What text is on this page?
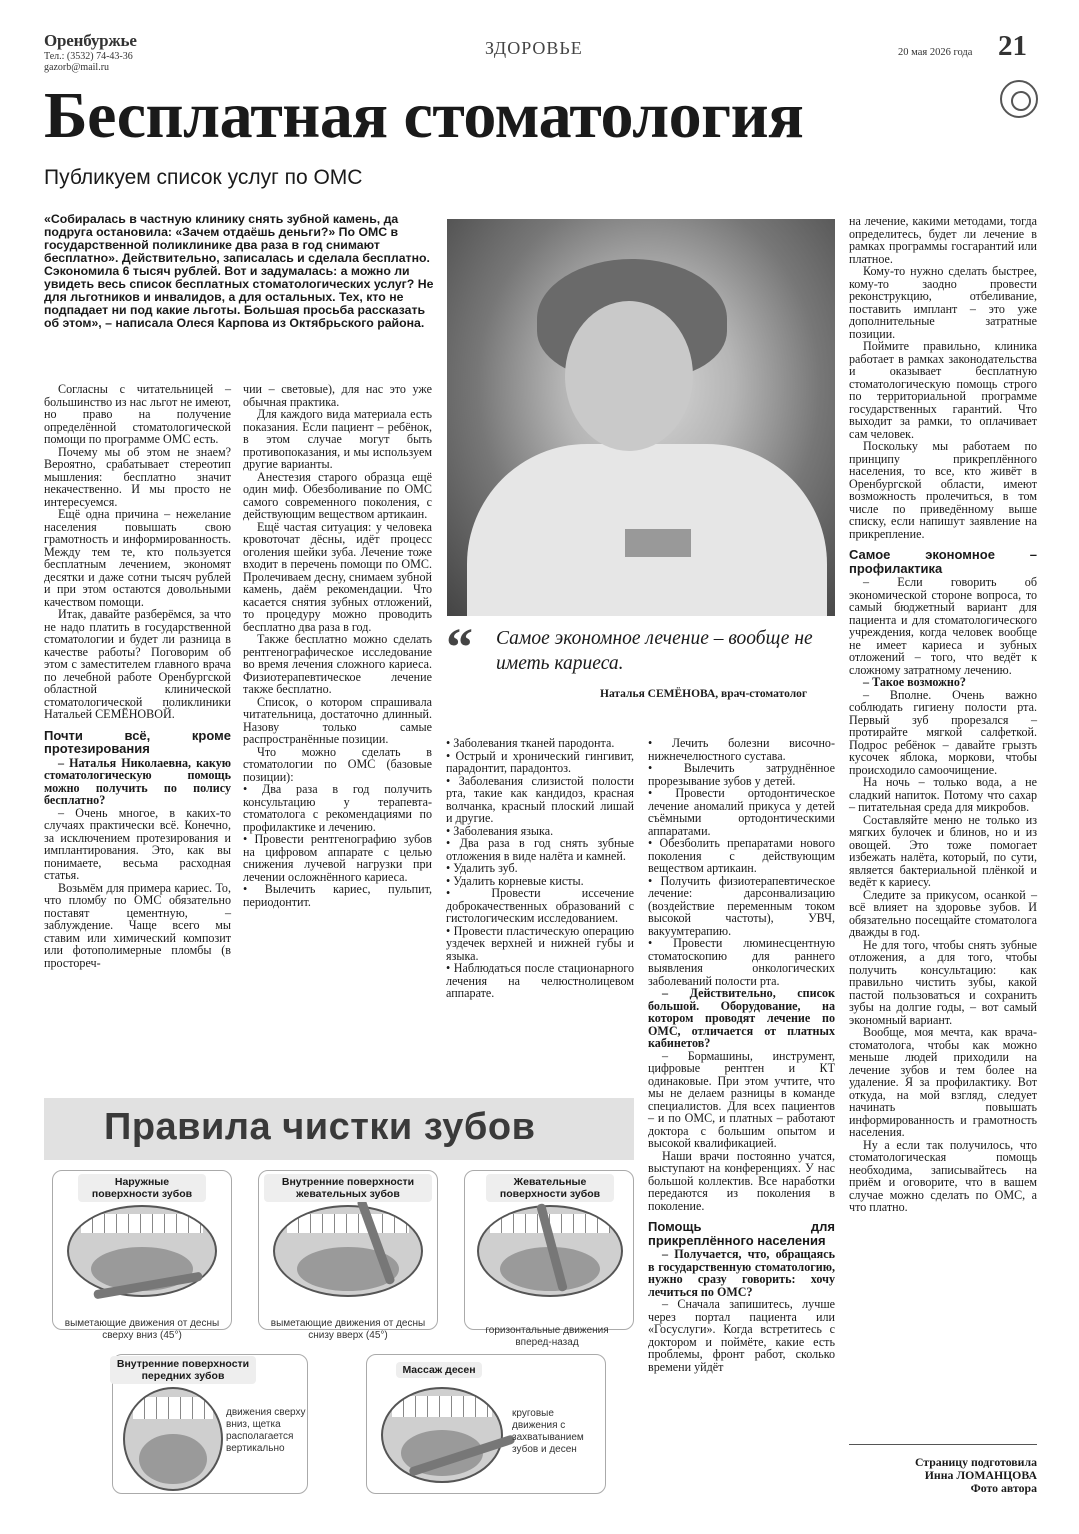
Оренбуржье
Тел.: (3532) 74-43-36
gazorb@mail.ru
ЗДОРОВЬЕ	20 мая 2026 года 21
Бесплатная стоматология
Публикуем список услуг по ОМС
«Собиралась в частную клинику снять зубной камень, да подруга остановила: «Зачем отдаёшь деньги?» По ОМС в государственной поликлинике два раза в год снимают бесплатно». Действительно, записалась и сделала бесплатно. Сэкономила 6 тысяч рублей. Вот и задумалась: а можно ли увидеть весь список бесплатных стоматологических услуг? Не для льготников и инвалидов, а для остальных. Тех, кто не подпадает ни под какие льготы. Большая просьба рассказать об этом», – написала Олеся Карпова из Октябрьского района.
“ Самое экономное лечение – вообще не иметь кариеса.
Наталья СЕМЁНОВА, врач-стоматолог

Согласны с читательницей – большинство из нас льгот не имеют, но право на получение определённой стоматологической помощи по программе ОМС есть.

Почему мы об этом не знаем? Вероятно, срабатывает стереотип мышления: бесплатно значит некачественно. И мы просто не интересуемся.

Ещё одна причина – нежелание населения повышать свою грамотность и информированность. Между тем те, кто пользуется бесплатным лечением, экономят десятки и даже сотни тысяч рублей и при этом остаются довольными качеством помощи.

Итак, давайте разберёмся, за что не надо платить в государственной стоматологии и будет ли разница в качестве работы? Поговорим об этом с заместителем главного врача по лечебной работе Оренбургской областной клинической стоматологической поликлиники Натальей СЕМЁНОВОЙ.

Почти всё, кроме протезирования

– Наталья Николаевна, какую стоматологическую помощь можно получить по полису бесплатно?

– Очень многое, в каких-то случаях практически всё. Конечно, за исключением протезирования и имплантирования. Это, как вы понимаете, весьма расходная статья.

Возьмём для примера кариес. То, что пломбу по ОМС обязательно поставят цементную, – заблуждение. Чаще всего мы ставим или химический композит или фотополимерные пломбы (в простореч-

чии – световые), для нас это уже обычная практика.

Для каждого вида материала есть показания. Если пациент – ребёнок, в этом случае могут быть противопоказания, и мы используем другие варианты.

Анестезия старого образца ещё один миф. Обезболивание по ОМС самого современного поколения, с действующим веществом артикаин.

Ещё частая ситуация: у человека кровоточат дёсны, идёт процесс оголения шейки зуба. Лечение тоже входит в перечень помощи по ОМС. Пролечиваем десну, снимаем зубной камень, даём рекомендации. Что касается снятия зубных отложений, то процедуру можно проводить бесплатно два раза в год.

Также бесплатно можно сделать рентгенографическое исследование во время лечения сложного кариеса. Физиотерапевтическое лечение также бесплатно.

Список, о котором спрашивала читательница, достаточно длинный. Назову только самые распространённые позиции.

Что можно сделать в стоматологии по ОМС (базовые позиции):

• Два раза в год получить консультацию у терапевта-стоматолога с рекомендациями по профилактике и лечению.

• Провести рентгенографию зубов на цифровом аппарате с целью снижения лучевой нагрузки при лечении осложнённого кариеса.

• Вылечить кариес, пульпит, периодонтит.

• Заболевания тканей пародонта.

• Острый и хронический гингивит, парадонтит, парадонтоз.

• Заболевания слизистой полости рта, такие как кандидоз, красная волчанка, красный плоский лишай и другие.

• Заболевания языка.

• Два раза в год снять зубные отложения в виде налёта и камней.

• Удалить зуб.

• Удалить корневые кисты.

• Провести иссечение доброкачественных образований с гистологическим исследованием.

• Провести пластическую операцию уздечек верхней и нижней губы и языка.

• Наблюдаться после стационарного лечения на челюстнолицевом аппарате.

• Лечить болезни височно-нижнечелюстного сустава.

• Вылечить затруднённое прорезывание зубов у детей.

• Провести ортодонтическое лечение аномалий прикуса у детей съёмными ортодонтическими аппаратами.

• Обезболить препаратами нового поколения с действующим веществом артикаин.

• Получить физиотерапевтическое лечение: дарсонвализацию (воздействие переменным током высокой частоты), УВЧ, вакуумтерапию.

• Провести люминесцентную стоматоскопию для раннего выявления онкологических заболеваний полости рта.

– Действительно, список большой. Оборудование, на котором проводят лечение по ОМС, отличается от платных кабинетов?

– Бормашины, инструмент, цифровые рентген и КТ одинаковые. При этом учтите, что мы не делаем разницы в команде специалистов. Для всех пациентов – и по ОМС, и платных – работают доктора с большим опытом и высокой квалификацией.

Наши врачи постоянно учатся, выступают на конференциях. У нас большой коллектив. Все наработки передаются из поколения в поколение.

Помощь для прикреплённого населения

– Получается, что, обращаясь в государственную стоматологию, нужно сразу говорить: хочу лечиться по ОМС?

– Сначала запишитесь, лучше через портал пациента или «Госуслуги». Когда встретитесь с доктором и поймёте, какие есть проблемы, фронт работ, сколько времени уйдёт

на лечение, какими методами, тогда определитесь, будет ли лечение в рамках программы госгарантий или платное.

Кому-то нужно сделать быстрее, кому-то заодно провести реконструкцию, отбеливание, поставить имплант – это уже дополнительные затратные позиции.

Поймите правильно, клиника работает в рамках законодательства и оказывает бесплатную стоматологическую помощь строго по территориальной программе государственных гарантий. Что выходит за рамки, то оплачивает сам человек.

Поскольку мы работаем по принципу прикреплённого населения, то все, кто живёт в Оренбургской области, имеют возможность пролечиться, в том числе по приведённому выше списку, если напишут заявление на прикрепление.

Самое экономное – профилактика

– Если говорить об экономической стороне вопроса, то самый бюджетный вариант для пациента и для стоматологического учреждения, когда человек вообще не имеет кариеса и зубных отложений – того, что ведёт к сложному затратному лечению.

– Такое возможно?

– Вполне. Очень важно соблюдать гигиену полости рта. Первый зуб прорезался – протирайте мягкой салфеткой. Подрос ребёнок – давайте грызть кусочек яблока, моркови, чтобы происходило самоочищение.

На ночь – только вода, а не сладкий напиток. Потому что сахар – питательная среда для микробов.

Составляйте меню не только из мягких булочек и блинов, но и из овощей. Это тоже помогает избежать налёта, который, по сути, является бактериальной плёнкой и ведёт к кариесу.

Следите за прикусом, осанкой – всё влияет на здоровье зубов. И обязательно посещайте стоматолога дважды в год.

Не для того, чтобы снять зубные отложения, а для того, чтобы получить консультацию: как правильно чистить зубы, какой пастой пользоваться и сохранить зубы на долгие годы, – вот самый экономный вариант.

Вообще, моя мечта, как врача-стоматолога, чтобы как можно меньше людей приходили на лечение зубов и тем более на удаление. Я за профилактику. Вот откуда, на мой взгляд, следует начинать повышать информированность и грамотность населения.

Ну а если так получилось, что стоматологическая помощь необходима, записывайтесь на приём и оговорите, что в вашем случае можно сделать по ОМС, а что платно.

Страницу подготовила
Инна ЛОМАНЦОВА
Фото автора
Правила чистки зубов
Наружные поверхности зубов
выметающие движения от десны сверху вниз (45°)
Внутренние поверхности жевательных зубов
выметающие движения от десны снизу вверх (45°)
Жевательные поверхности зубов
горизонтальные движения вперед-назад
Внутренние поверхности передних зубов
движения сверху вниз, щетка располагается вертикально
Массаж десен
круговые движения с захватыванием зубов и десен
